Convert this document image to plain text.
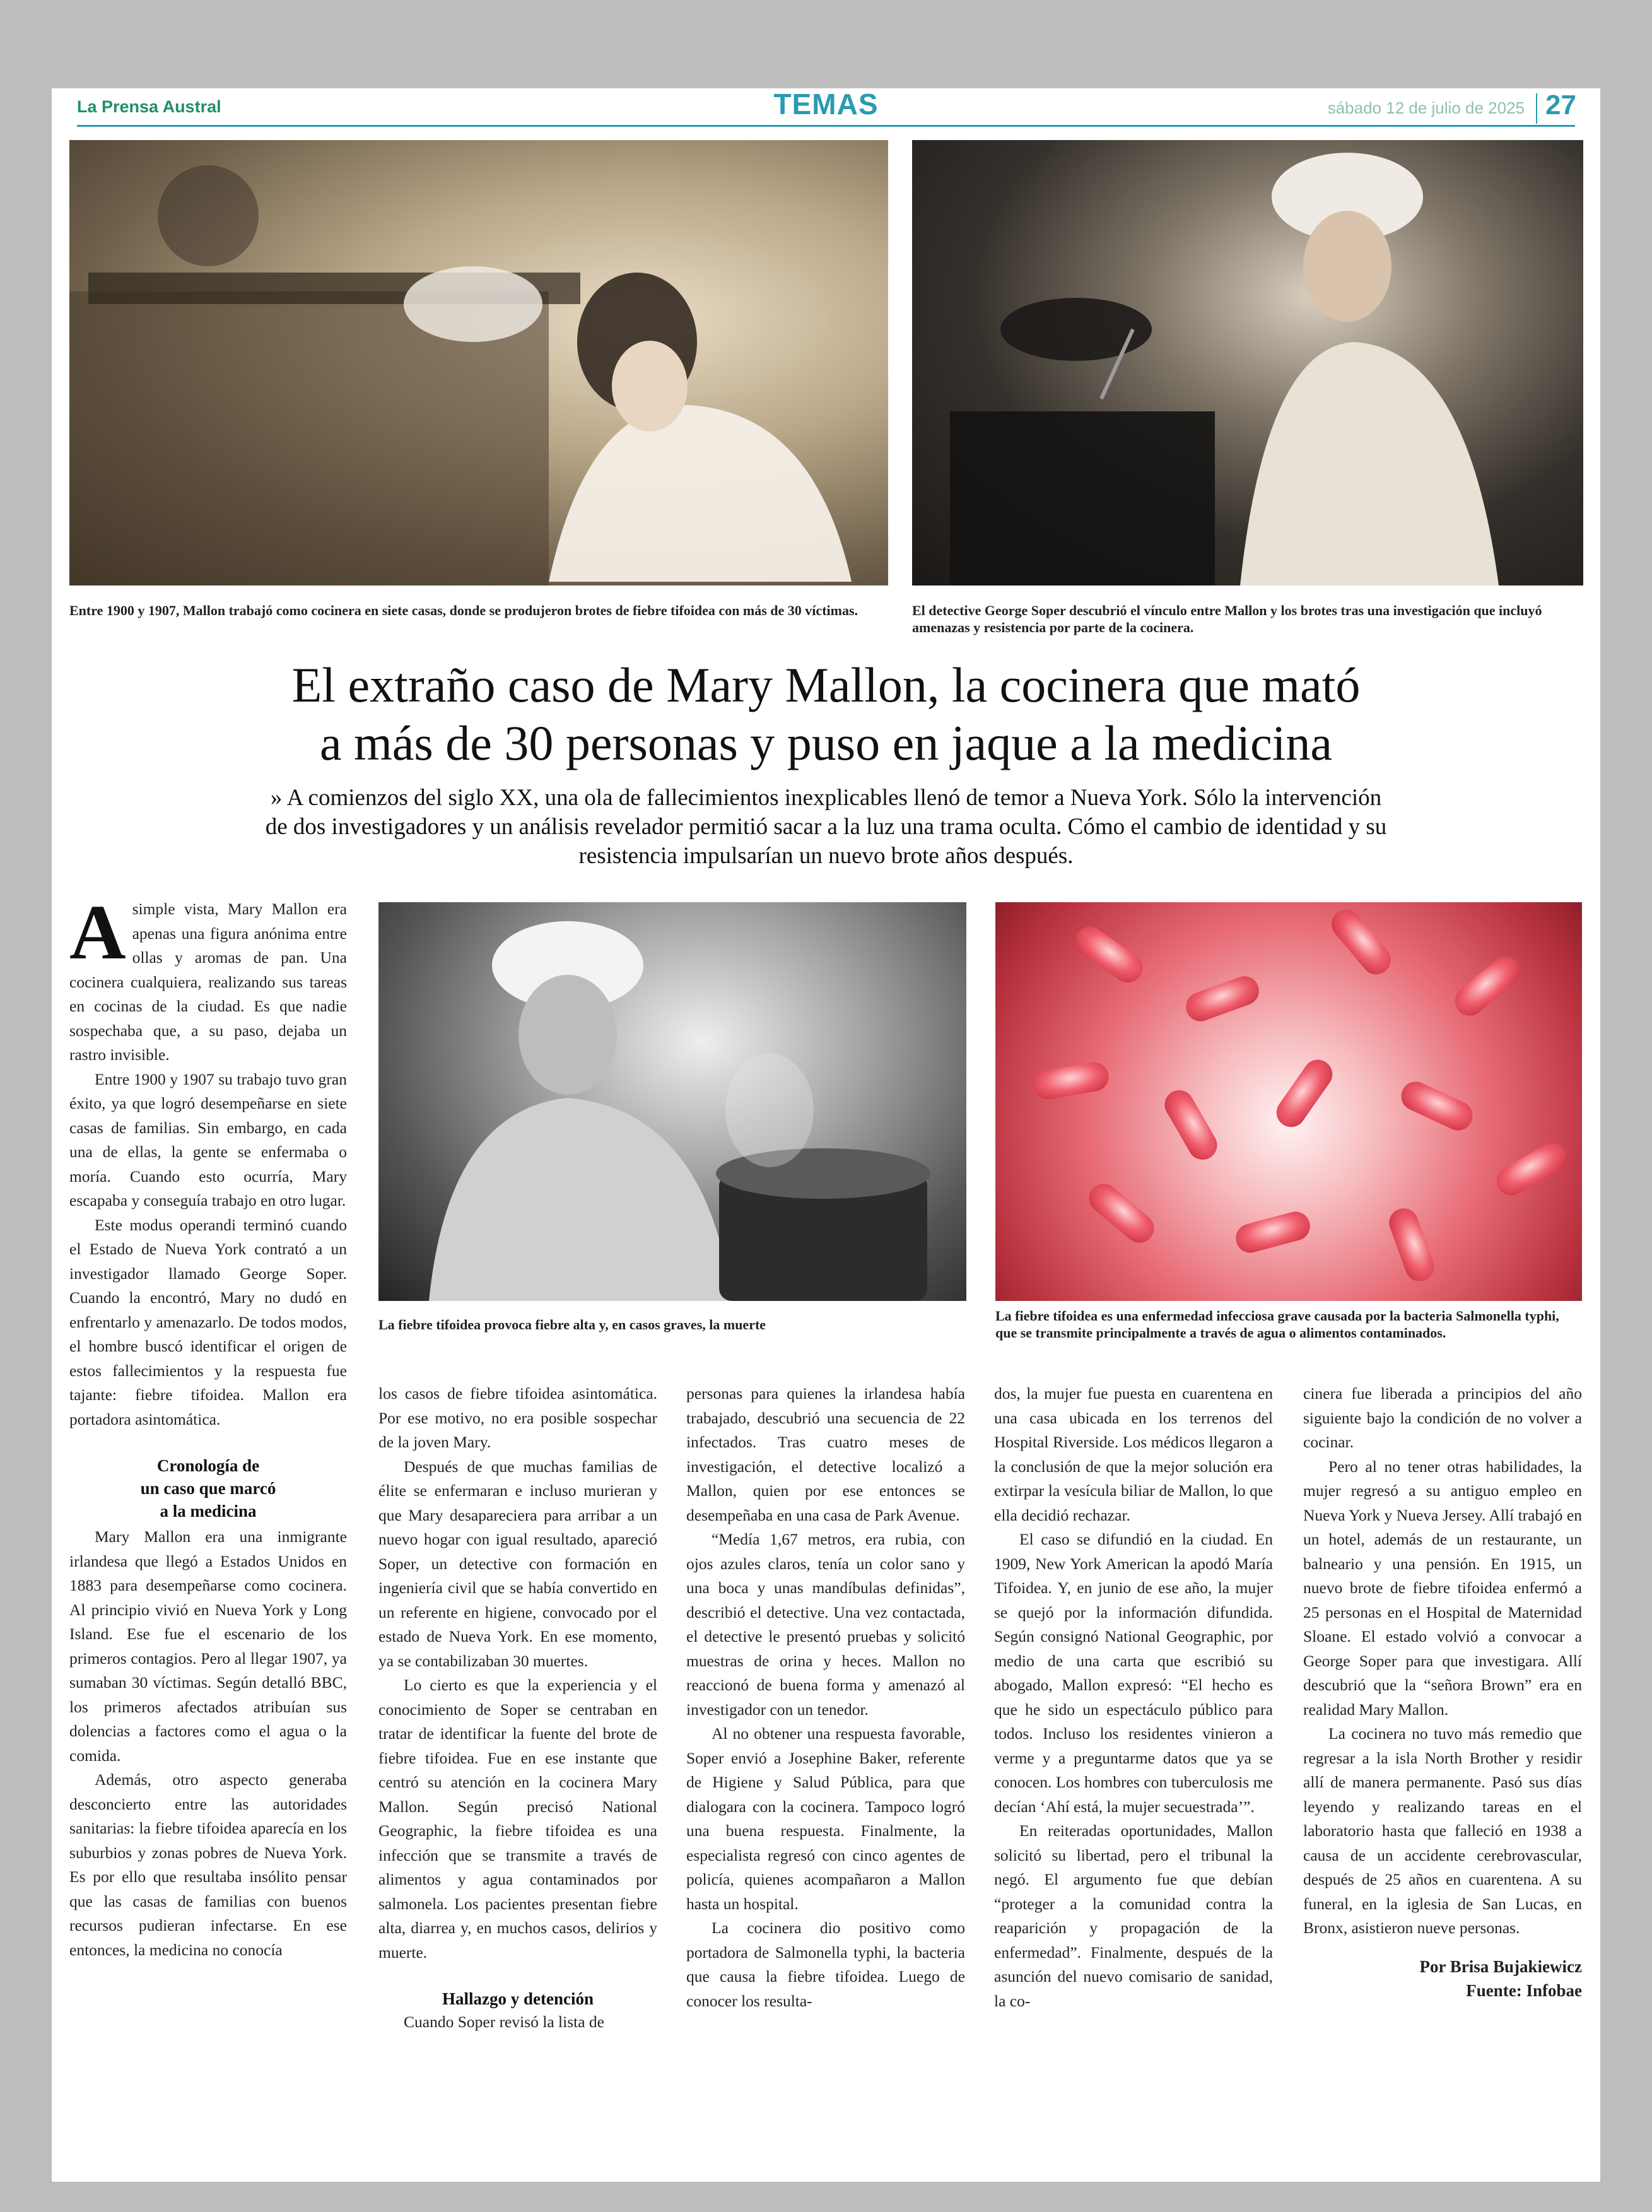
La Prensa Austral	TEMAS	sábado 12 de julio de 2025 27

Entre 1900 y 1907, Mallon trabajó como cocinera en siete casas, donde se produjeron brotes de fiebre tifoidea con más de 30 víctimas.	El detective George Soper descubrió el vínculo entre Mallon y los brotes tras una investigación que incluyó amenazas y resistencia por parte de la cocinera.

El extraño caso de Mary Mallon, la cocinera que mató
a más de 30 personas y puso en jaque a la medicina

» A comienzos del siglo XX, una ola de fallecimientos inexplicables llenó de temor a Nueva York. Sólo la intervención de dos investigadores y un análisis revelador permitió sacar a la luz una trama oculta. Cómo el cambio de identidad y su resistencia impulsarían un nuevo brote años después.

Asimple vista, Mary Mallon era apenas una figura anónima entre ollas y aromas de pan. Una cocinera cualquiera, realizando sus tareas en cocinas de la ciudad. Es que nadie sospechaba que, a su paso, dejaba un rastro invisible.

Entre 1900 y 1907 su trabajo tuvo gran éxito, ya que logró desempeñarse en siete casas de familias. Sin embargo, en cada una de ellas, la gente se enfermaba o moría. Cuando esto ocurría, Mary escapaba y conseguía trabajo en otro lugar.

Este modus operandi terminó cuando el Estado de Nueva York contrató a un investigador llamado George Soper. Cuando la encontró, Mary no dudó en enfrentarlo y amenazarlo. De todos modos, el hombre buscó identificar el origen de estos fallecimientos y la respuesta fue tajante: fiebre tifoidea. Mallon era portadora asintomática.

Cronología de
un caso que marcó
a la medicina

Mary Mallon era una inmigrante irlandesa que llegó a Estados Unidos en 1883 para desempeñarse como cocinera. Al principio vivió en Nueva York y Long Island. Ese fue el escenario de los primeros contagios. Pero al llegar 1907, ya sumaban 30 víctimas. Según detalló BBC, los primeros afectados atribuían sus dolencias a factores como el agua o la comida.

Además, otro aspecto generaba desconcierto entre las autoridades sanitarias: la fiebre tifoidea aparecía en los suburbios y zonas pobres de Nueva York. Es por ello que resultaba insólito pensar que las casas de familias con buenos recursos pudieran infectarse. En ese entonces, la medicina no conocía

La fiebre tifoidea provoca fiebre alta y, en casos graves, la muerte

La fiebre tifoidea es una enfermedad infecciosa grave causada por la bacteria Salmonella typhi, que se transmite principalmente a través de agua o alimentos contaminados.

los casos de fiebre tifoidea asintomática. Por ese motivo, no era posible sospechar de la joven Mary.

Después de que muchas familias de élite se enfermaran e incluso murieran y que Mary desapareciera para arribar a un nuevo hogar con igual resultado, apareció Soper, un detective con formación en ingeniería civil que se había convertido en un referente en higiene, convocado por el estado de Nueva York. En ese momento, ya se contabilizaban 30 muertes.

Lo cierto es que la experiencia y el conocimiento de Soper se centraban en tratar de identificar la fuente del brote de fiebre tifoidea. Fue en ese instante que centró su atención en la cocinera Mary Mallon. Según precisó National Geographic, la fiebre tifoidea es una infección que se transmite a través de alimentos y agua contaminados por salmonela. Los pacientes presentan fiebre alta, diarrea y, en muchos casos, delirios y muerte.

Hallazgo y detención

Cuando Soper revisó la lista de

personas para quienes la irlandesa había trabajado, descubrió una secuencia de 22 infectados. Tras cuatro meses de investigación, el detective localizó a Mallon, quien por ese entonces se desempeñaba en una casa de Park Avenue.

“Medía 1,67 metros, era rubia, con ojos azules claros, tenía un color sano y una boca y unas mandíbulas definidas”, describió el detective. Una vez contactada, el detective le presentó pruebas y solicitó muestras de orina y heces. Mallon no reaccionó de buena forma y amenazó al investigador con un tenedor.

Al no obtener una respuesta favorable, Soper envió a Josephine Baker, referente de Higiene y Salud Pública, para que dialogara con la cocinera. Tampoco logró una buena respuesta. Finalmente, la especialista regresó con cinco agentes de policía, quienes acompañaron a Mallon hasta un hospital.

La cocinera dio positivo como portadora de Salmonella typhi, la bacteria que causa la fiebre tifoidea. Luego de conocer los resulta-

dos, la mujer fue puesta en cuarentena en una casa ubicada en los terrenos del Hospital Riverside. Los médicos llegaron a la conclusión de que la mejor solución era extirpar la vesícula biliar de Mallon, lo que ella decidió rechazar.

El caso se difundió en la ciudad. En 1909, New York American la apodó María Tifoidea. Y, en junio de ese año, la mujer se quejó por la información difundida. Según consignó National Geographic, por medio de una carta que escribió su abogado, Mallon expresó: “El hecho es que he sido un espectáculo público para todos. Incluso los residentes vinieron a verme y a preguntarme datos que ya se conocen. Los hombres con tuberculosis me decían ‘Ahí está, la mujer secuestrada’”.

En reiteradas oportunidades, Mallon solicitó su libertad, pero el tribunal la negó. El argumento fue que debían “proteger a la comunidad contra la reaparición y propagación de la enfermedad”. Finalmente, después de la asunción del nuevo comisario de sanidad, la co-

cinera fue liberada a principios del año siguiente bajo la condición de no volver a cocinar.

Pero al no tener otras habilidades, la mujer regresó a su antiguo empleo en Nueva York y Nueva Jersey. Allí trabajó en un hotel, además de un restaurante, un balneario y una pensión. En 1915, un nuevo brote de fiebre tifoidea enfermó a 25 personas en el Hospital de Maternidad Sloane. El estado volvió a convocar a George Soper para que investigara. Allí descubrió que la “señora Brown” era en realidad Mary Mallon.

La cocinera no tuvo más remedio que regresar a la isla North Brother y residir allí de manera permanente. Pasó sus días leyendo y realizando tareas en el laboratorio hasta que falleció en 1938 a causa de un accidente cerebrovascular, después de 25 años en cuarentena. A su funeral, en la iglesia de San Lucas, en Bronx, asistieron nueve personas.

Por Brisa Bujakiewicz
Fuente: Infobae
